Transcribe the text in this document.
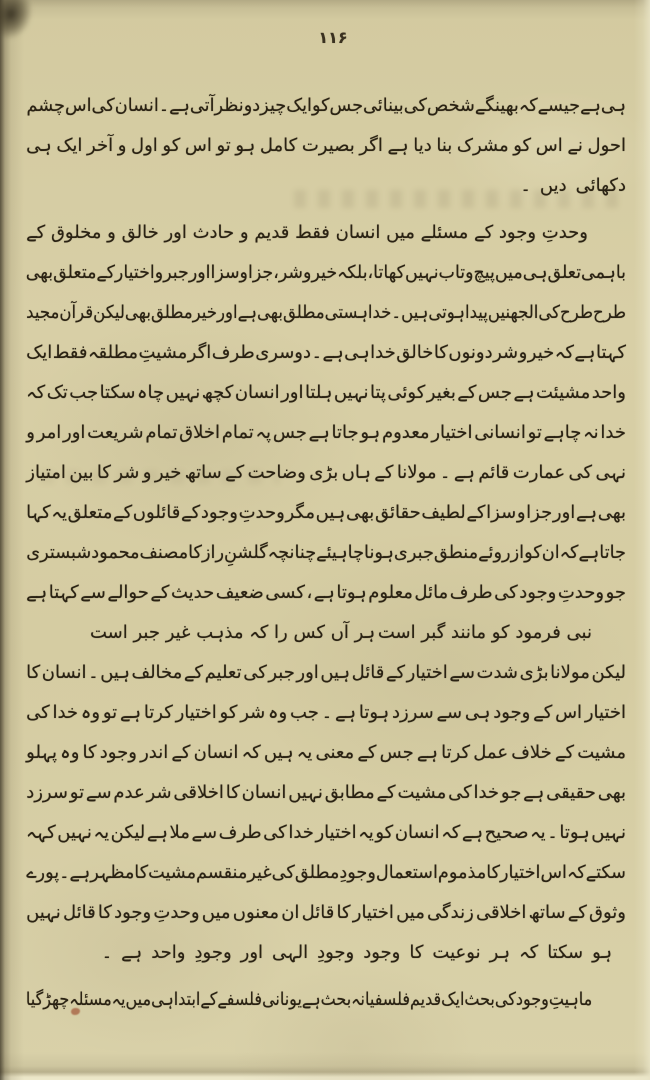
۱۱۶
ہی
ہے
جیسے
کہ
بھینگے
شخص
کی
بینائی
جس
کو
ایک
چیز
دو
نظر
آتی
ہے
۔
انسان
کی
اس
چشم
احول
نے
اس
کو
مشرک
بنا
دیا
ہے
اگر
بصیرت
کامل
ہو
تو
اس
کو
اول
و
آخر
ایک
ہی
دکھائی
دیں
۔
وحدتِ
وجود
کے
مسئلے
میں
انسان
فقط
قدیم
و
حادث
اور
خالق
و
مخلوق
کے
باہمی
تعلق
ہی
میں
پیچ
و
تاب
نہیں
کھاتا
،
بلکہ
خیر
و
شر
،
جزا
و
سزا
اور
جبر
و
اختیار
کے
متعلق
بھی
طرح
طرح
کی
الجھنیں
پیدا
ہوتی
ہیں
۔
خدا
ہستی
مطلق
بھی
ہے
اور
خیر
مطلق
بھی
لیکن
قرآن
مجید
کہتا
ہے
کہ
خیر
و
شر
دونوں
کا
خالق
خدا
ہی
ہے
۔
دوسری
طرف
اگر
مشیتِ
مطلقہ
فقط
ایک
واحد
مشیئت
ہے
جس
کے
بغیر
کوئی
پتا
نہیں
ہلتا
اور
انسان
کچھ
نہیں
چاہ
سکتا
جب
تک
کہ
خدا
نہ
چاہے
تو
انسانی
اختیار
معدوم
ہو
جاتا
ہے
جس
پہ
تمام
اخلاق
تمام
شریعت
اور
امر
و
نہی
کی
عمارت
قائم
ہے
۔
مولانا
کے
ہاں
بڑی
وضاحت
کے
ساتھ
خیر
و
شر
کا
بین
امتیاز
بھی
ہے
اور
جزا
و
سزا
کے
لطیف
حقائق
بھی
ہیں
مگر
وحدتِ
وجود
کے
قائلوں
کے
متعلق
یہ
کہا
جاتا
ہے
کہ
ان
کو
از
روئے
منطق
جبری
ہونا
چاہیئے
چنانچہ
گلشنِ
راز
کا
مصنف
محمود
شبستری
جو
وحدتِ
وجود
کی
طرف
مائل
معلوم
ہوتا
ہے
،
کسی
ضعیف
حدیث
کے
حوالے
سے
کہتا
ہے
نبی فرمود کو مانند گبر است
ہر آں کس را کہ مذہب غیر جبر است
لیکن
مولانا
بڑی
شدت
سے
اختیار
کے
قائل
ہیں
اور
جبر
کی
تعلیم
کے
مخالف
ہیں
۔
انسان
کا
اختیار
اس
کے
وجود
ہی
سے
سرزد
ہوتا
ہے
۔
جب
وہ
شر
کو
اختیار
کرتا
ہے
تو
وہ
خدا
کی
مشیت
کے
خلاف
عمل
کرتا
ہے
جس
کے
معنی
یہ
ہیں
کہ
انسان
کے
اندر
وجود
کا
وہ
پہلو
بھی
حقیقی
ہے
جو
خدا
کی
مشیت
کے
مطابق
نہیں
انسان
کا
اخلاقی
شر
عدم
سے
تو
سرزد
نہیں
ہوتا
۔
یہ
صحیح
ہے
کہ
انسان
کو
یہ
اختیار
خدا
کی
طرف
سے
ملا
ہے
لیکن
یہ
نہیں
کہہ
سکتے
کہ
اس
اختیار
کا
مذموم
استعمال
وجودِ
مطلق
کی
غیر
منقسم
مشیت
کا
مظہر
ہے
۔
پورے
وثوق
کے
ساتھ
اخلاقی
زندگی
میں
اختیار
کا
قائل
ان
معنوں
میں
وحدتِ
وجود
کا
قائل
نہیں
ہو
سکتا
کہ
ہر
نوعیت
کا
وجود
وجودِ
الہی
اور
وجودِ
واحد
ہے
۔
ماہیتِ
وجود
کی
بحث
ایک
قدیم
فلسفیانہ
بحث
ہے
یونانی
فلسفے
کے
ابتدا
ہی
میں
یہ
مسئلہ
چھڑ
گیا
